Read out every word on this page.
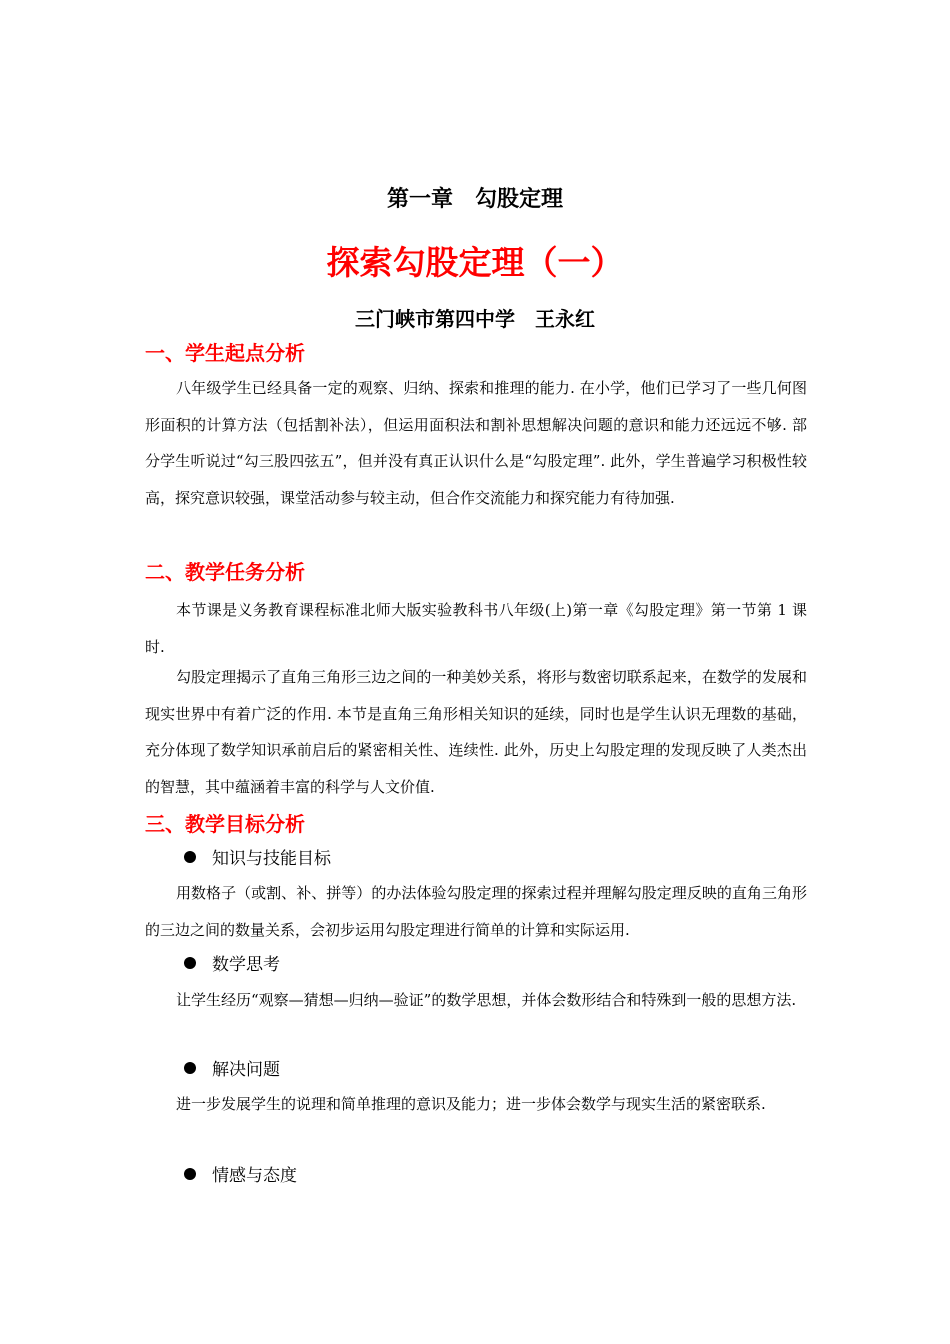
第一章　勾股定理
探索勾股定理（一）
三门峡市第四中学　王永红
一、学生起点分析

八年级学生已经具备一定的观察、归纳、探索和推理的能力. 在小学，他们已学习了一些几何图形面积的计算方法（包括割补法），但运用面积法和割补思想解决问题的意识和能力还远远不够. 部分学生听说过“勾三股四弦五”，但并没有真正认识什么是“勾股定理”. 此外，学生普遍学习积极性较高，探究意识较强，课堂活动参与较主动，但合作交流能力和探究能力有待加强.

二、教学任务分析

本节课是义务教育课程标准北师大版实验教科书八年级(上)第一章《勾股定理》第一节第 1 课时.

勾股定理揭示了直角三角形三边之间的一种美妙关系，将形与数密切联系起来，在数学的发展和现实世界中有着广泛的作用. 本节是直角三角形相关知识的延续，同时也是学生认识无理数的基础，充分体现了数学知识承前启后的紧密相关性、连续性. 此外，历史上勾股定理的发现反映了人类杰出的智慧，其中蕴涵着丰富的科学与人文价值.

三、教学目标分析
知识与技能目标

用数格子（或割、补、拼等）的办法体验勾股定理的探索过程并理解勾股定理反映的直角三角形的三边之间的数量关系，会初步运用勾股定理进行简单的计算和实际运用.

数学思考

让学生经历“观察—猜想—归纳—验证”的数学思想，并体会数形结合和特殊到一般的思想方法.

解决问题

进一步发展学生的说理和简单推理的意识及能力；进一步体会数学与现实生活的紧密联系.

情感与态度
